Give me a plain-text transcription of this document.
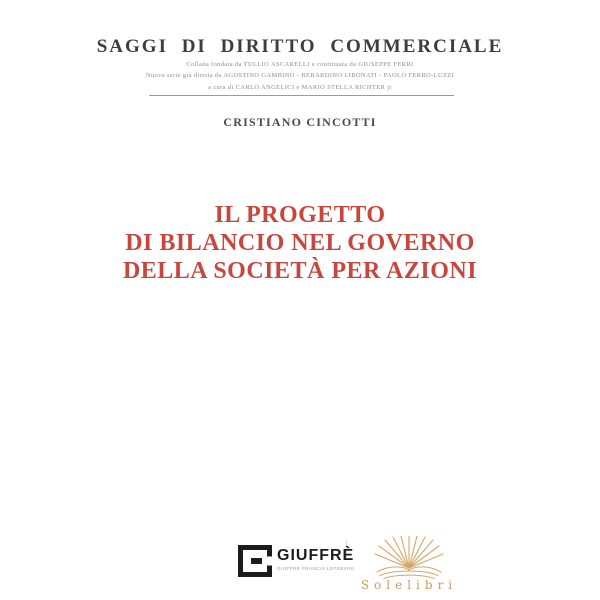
SAGGI DI DIRITTO COMMERCIALE
Collana fondata da TULLIO ASCARELLI e continuata da GIUSEPPE FERRI
Nuova serie già diretta da AGOSTINO GAMBINO - BERARDINO LIBONATI - PAOLO FERRO-LUZZI
a cura di CARLO ANGELICI e MARIO STELLA RICHTER jr
CRISTIANO CINCOTTI
IL PROGETTO
DI BILANCIO NEL GOVERNO
DELLA SOCIETÀ PER AZIONI
GIUFFRÈ
GIUFFRÈ FRANCIS LEFEBVRE
Solelibri
